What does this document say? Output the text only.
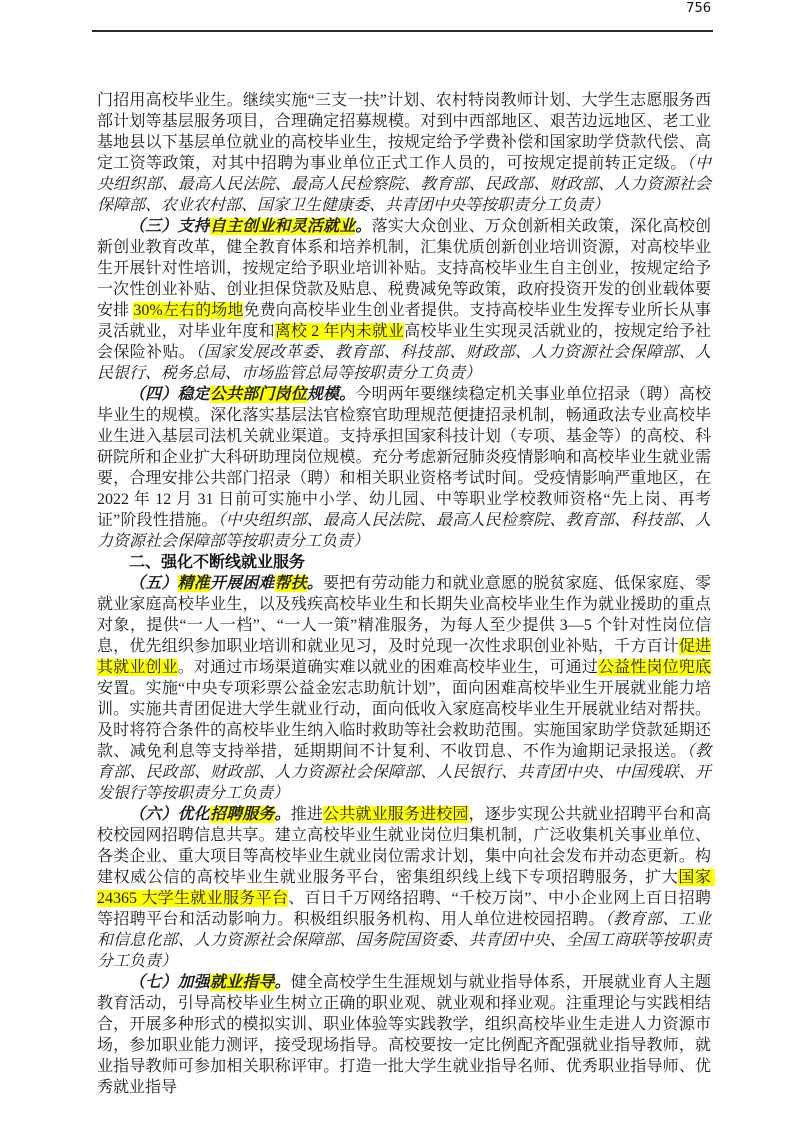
756

门招用高校毕业生。继续实施“三支一扶”计划、农村特岗教师计划、大学生志愿服务西部计划等基层服务项目，合理确定招募规模。对到中西部地区、艰苦边远地区、老工业基地县以下基层单位就业的高校毕业生，按规定给予学费补偿和国家助学贷款代偿、高定工资等政策，对其中招聘为事业单位正式工作人员的，可按规定提前转正定级。（中央组织部、最高人民法院、最高人民检察院、教育部、民政部、财政部、人力资源社会保障部、农业农村部、国家卫生健康委、共青团中央等按职责分工负责）

（三）支持自主创业和灵活就业。落实大众创业、万众创新相关政策，深化高校创新创业教育改革，健全教育体系和培养机制，汇集优质创新创业培训资源，对高校毕业生开展针对性培训，按规定给予职业培训补贴。支持高校毕业生自主创业，按规定给予一次性创业补贴、创业担保贷款及贴息、税费减免等政策，政府投资开发的创业载体要安排 30%左右的场地免费向高校毕业生创业者提供。支持高校毕业生发挥专业所长从事灵活就业，对毕业年度和离校 2 年内未就业高校毕业生实现灵活就业的，按规定给予社会保险补贴。（国家发展改革委、教育部、科技部、财政部、人力资源社会保障部、人民银行、税务总局、市场监管总局等按职责分工负责）

（四）稳定公共部门岗位规模。今明两年要继续稳定机关事业单位招录（聘）高校毕业生的规模。深化落实基层法官检察官助理规范便捷招录机制，畅通政法专业高校毕业生进入基层司法机关就业渠道。支持承担国家科技计划（专项、基金等）的高校、科研院所和企业扩大科研助理岗位规模。充分考虑新冠肺炎疫情影响和高校毕业生就业需要，合理安排公共部门招录（聘）和相关职业资格考试时间。受疫情影响严重地区，在 2022 年 12 月 31 日前可实施中小学、幼儿园、中等职业学校教师资格“先上岗、再考证”阶段性措施。（中央组织部、最高人民法院、最高人民检察院、教育部、科技部、人力资源社会保障部等按职责分工负责）

二、强化不断线就业服务

（五）精准开展困难帮扶。要把有劳动能力和就业意愿的脱贫家庭、低保家庭、零就业家庭高校毕业生，以及残疾高校毕业生和长期失业高校毕业生作为就业援助的重点对象，提供“一人一档”、“一人一策”精准服务，为每人至少提供 3—5 个针对性岗位信息，优先组织参加职业培训和就业见习，及时兑现一次性求职创业补贴，千方百计促进其就业创业。对通过市场渠道确实难以就业的困难高校毕业生，可通过公益性岗位兜底安置。实施“中央专项彩票公益金宏志助航计划”，面向困难高校毕业生开展就业能力培训。实施共青团促进大学生就业行动，面向低收入家庭高校毕业生开展就业结对帮扶。及时将符合条件的高校毕业生纳入临时救助等社会救助范围。实施国家助学贷款延期还款、减免利息等支持举措，延期期间不计复利、不收罚息、不作为逾期记录报送。（教育部、民政部、财政部、人力资源社会保障部、人民银行、共青团中央、中国残联、开发银行等按职责分工负责）

（六）优化招聘服务。推进公共就业服务进校园，逐步实现公共就业招聘平台和高校校园网招聘信息共享。建立高校毕业生就业岗位归集机制，广泛收集机关事业单位、各类企业、重大项目等高校毕业生就业岗位需求计划，集中向社会发布并动态更新。构建权威公信的高校毕业生就业服务平台，密集组织线上线下专项招聘服务，扩大国家 24365 大学生就业服务平台、百日千万网络招聘、“千校万岗”、中小企业网上百日招聘等招聘平台和活动影响力。积极组织服务机构、用人单位进校园招聘。（教育部、工业和信息化部、人力资源社会保障部、国务院国资委、共青团中央、全国工商联等按职责分工负责）

（七）加强就业指导。健全高校学生生涯规划与就业指导体系，开展就业育人主题教育活动，引导高校毕业生树立正确的职业观、就业观和择业观。注重理论与实践相结合，开展多种形式的模拟实训、职业体验等实践教学，组织高校毕业生走进人力资源市场，参加职业能力测评，接受现场指导。高校要按一定比例配齐配强就业指导教师，就业指导教师可参加相关职称评审。打造一批大学生就业指导名师、优秀职业指导师、优秀就业指导
